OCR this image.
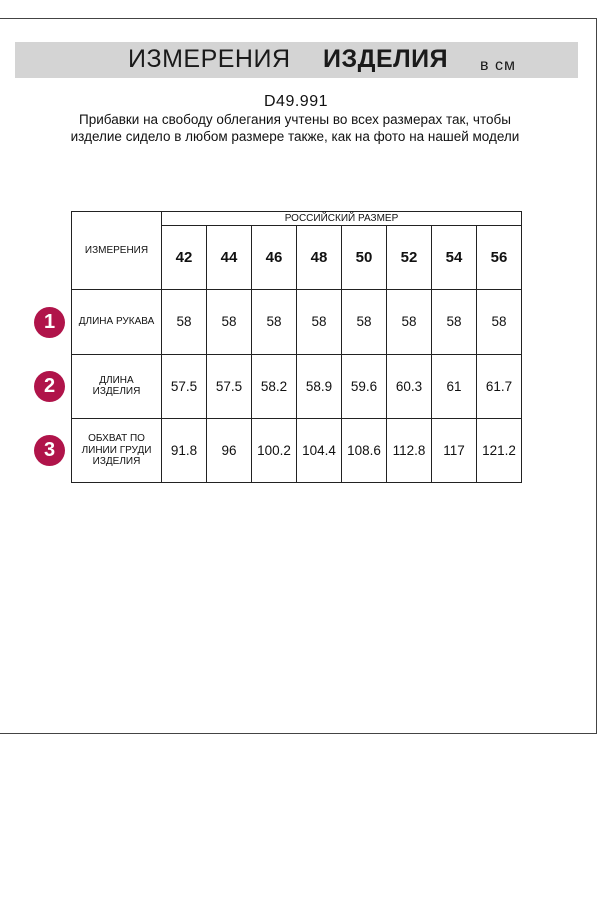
ИЗМЕРЕНИЯ ИЗДЕЛИЯ в см
D49.991
Прибавки на свободу облегания учтены во всех размерах так, чтобы изделие сидело в любом размере также, как на фото на нашей модели
ИЗМЕРЕНИЯ	РОССИЙСКИЙ РАЗМЕР							
	42	44	46	48	50	52	54	56
ДЛИНА РУКАВА	58	58	58	58	58	58	58	58
ДЛИНА ИЗДЕЛИЯ	57.5	57.5	58.2	58.9	59.6	60.3	61	61.7
ОБХВАТ ПО ЛИНИИ ГРУДИ ИЗДЕЛИЯ	91.8	96	100.2	104.4	108.6	112.8	117	121.2
1
2
3
